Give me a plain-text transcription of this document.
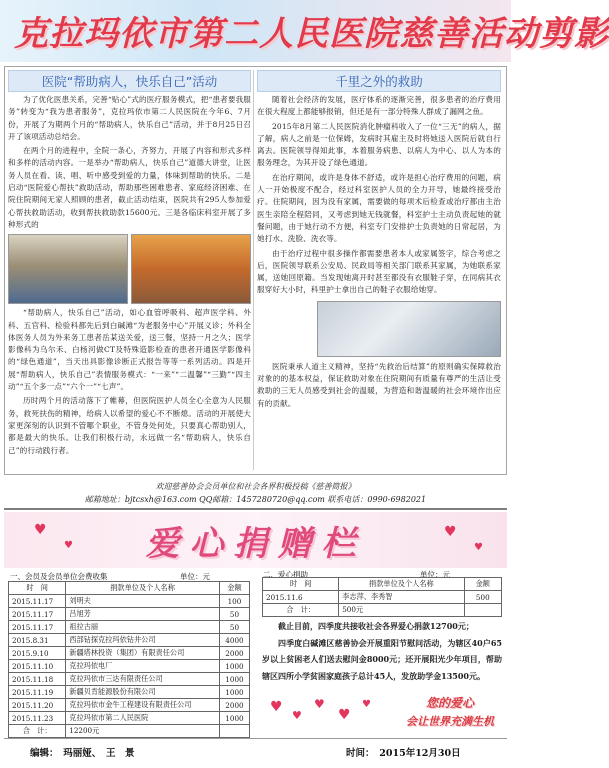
克拉玛依市第二人民医院慈善活动剪影
医院“帮助病人，快乐自己”活动

为了优化医患关系，完善“贴心”式的医疗服务模式，把“患者要我服务”转变为“我为患者服务”，克拉玛依市第二人民医院在今年6、7月份，开展了为期两个月的“帮助病人，快乐自己”活动，并于8月25日召开了该项活动总结会。

在两个月的进程中，全院一条心，齐努力，开展了内容和形式多样和多样的活动内容。一是举办“帮助病人，快乐自己”道德大讲堂，让医务人员在看、读、唱、听中感受到爱的力量，体味到帮助的快乐。二是启动“医院爱心帮扶”救助活动，帮助那些困难患者、家庭经济困难、在院住院期间无家人照顾的患者，截止活动结束，医院共有295人参加爱心帮扶救助活动，收到帮扶救助款15600元。三是各临床科室开展了多种形式的

“帮助病人，快乐自己”活动，如心血管呼吸科、超声医学科、外科、五官科、检验科都先后到白碱滩“为老服务中心”开展义诊；外科全体医务人员为外来务工患者岳某送关爱，送三餐，坚持一月之久；医学影像科为乌尔禾、白杨河做CT及特殊造影检查的患者开通医学影像科的“绿色通道”，当天出具影像诊断正式报告等等一系列活动。四是开展“帮助病人，快乐自己”表情服务模式：“一来”“二温馨”“三勤”“四主动”“五个多一点”“六个一”“七声”。

历时两个月的活动落下了帷幕，但医院医护人员全心全意为人民服务，救死扶伤的精神，给病人以希望的爱心不不断熄。活动的开展使大家更深刻的认识到不管哪个职业，不管身处何处，只要真心帮助别人，都是最大的快乐。让我们积极行动，永远做一名“帮助病人，快乐自己”的行动践行者。

千里之外的救助

随着社会经济的发展，医疗体系的逐渐完善，很多患者的治疗费用在很大程度上都能够报销，但还是有一部分特殊人群成了漏网之鱼。

2015年8月第二人民医院消化肿瘤科收入了一位“三无”的病人，据了解，病人之前是一位保姆，发病时其雇主及时将她送入医院后就自行离去。医院领导得知此事，本着服务病患、以病人为中心、以人为本的服务理念，为其开设了绿色通道。

在治疗期间，或许是身体不舒适，或许是担心治疗费用的问题，病人一开始极度不配合，经过科室医护人员的全力开导，她最终接受治疗。住院期间，因为没有家属，需要做的每项术后检查或治疗都由主治医生亲陪全程陪同，又考虑到她无钱就餐，科室护士主动负责起她的就餐问题，由于她行动不方便，科室专门安排护士负责她的日常起居，为她打水、洗脸、洗衣等。

由于治疗过程中很多操作都需要患者本人或家属签字，综合考虑之后，医院领导联系公安局、民政局等相关部门联系其家属，为她联系家属，送她回原籍。当发现她离开时甚至都没有衣服鞋子穿，在同病其衣服穿好大小时，科里护士拿出自己的鞋子衣服给她穿。

医院秉承人道主义精神，坚持“先救治后结算”的原则确实保障救治对象的的基本权益，保证救助对象在住院期间有质量有尊严的生活让受救助的三无人员感受到社会的温暖，为营造和谐温暖的社会环境作出应有的贡献。

欢迎慈善协会会员单位和社会各界积极投稿《慈善简报》
邮箱地址：bjtcsxh@163.com QQ邮箱：1457280720@qq.com 联系电话：0990-6982021
爱心捐赠栏
♥
♥
♥
♥
一、会员及会员单位会费收集	单位：元
时　间	捐款单位及个人名称	金额
2015.11.17	刘明夫	100
2015.11.17	吕旭芳	50
2015.11.17	祖拉古丽	50
2015.8.31	西部钻探克拉玛依钻井公司	4000
2015.9.10	新疆塔林投资（集团）有限责任公司	2000
2015.11.10	克拉玛依电厂	1000
2015.11.18	克拉玛依市三达有限责任公司	1000
2015.11.19	新疆贝肯能源股份有限公司	1000
2015.11.20	克拉玛依市金牛工程建设有限责任公司	2000
2015.11.23	克拉玛依市第二人民医院	1000
合　计：	12200元	
二、爱心捐助	单位：元
时　间	捐款单位及个人名称	金额
2015.11.6	李志萍、李秀智	500
合　计：	500元	

截止目前，四季度共接收社会各界爱心捐款12700元；

四季度白碱滩区慈善协会开展重阳节慰问活动，为辖区40户65岁以上贫困老人们送去慰问金8000元；还开展阳光少年项目，帮助辖区四所小学贫困家庭孩子总计45人，发放助学金13500元。

♥
♥
♥
♥
♥	您的爱心
会让世界充满生机
编辑：　玛丽娅、　王　景	时间：　2015年12月30日
